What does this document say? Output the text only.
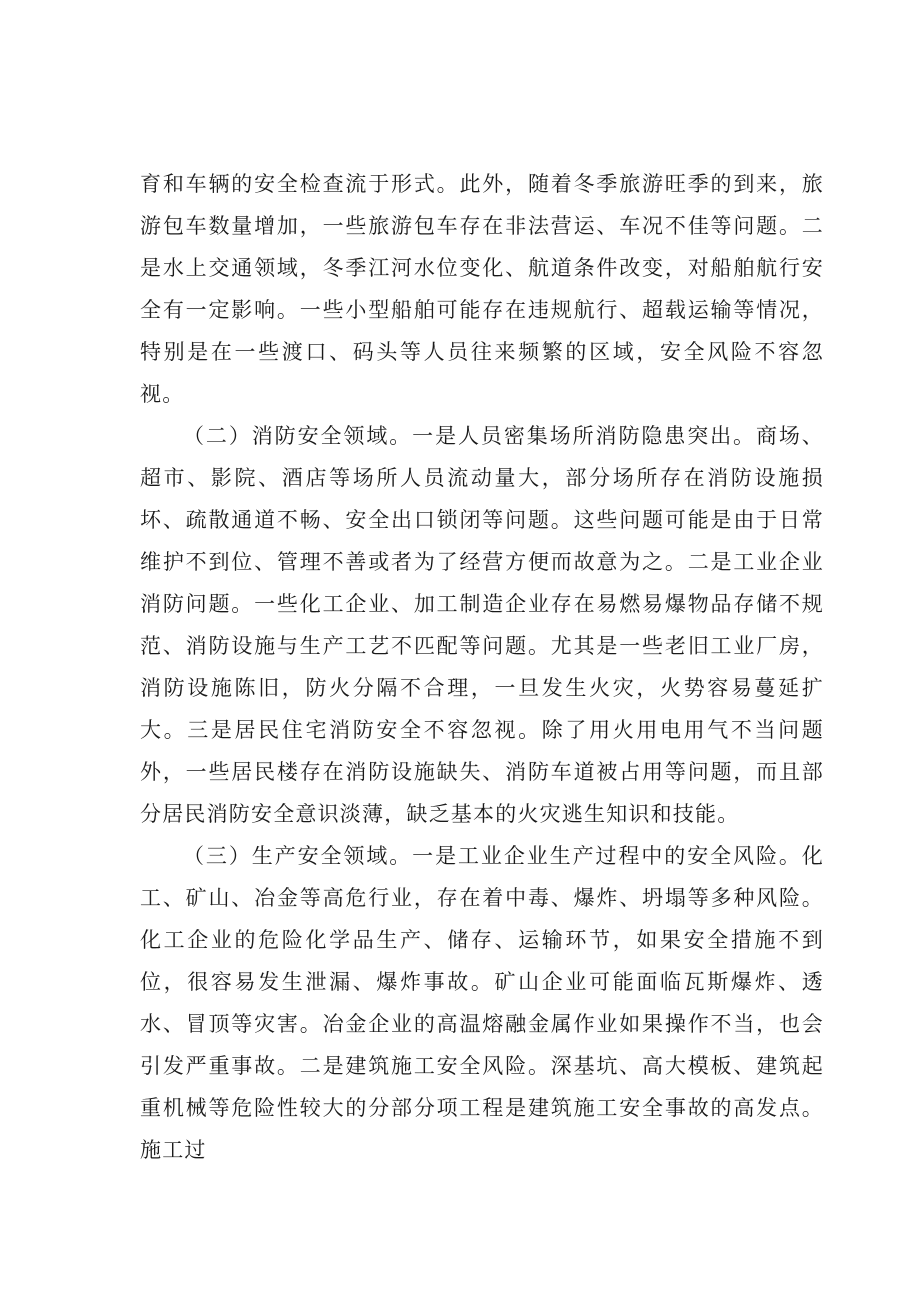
育和车辆的安全检查流于形式。此外，随着冬季旅游旺季的到来，旅游包车数量增加，一些旅游包车存在非法营运、车况不佳等问题。二是水上交通领域，冬季江河水位变化、航道条件改变，对船舶航行安全有一定影响。一些小型船舶可能存在违规航行、超载运输等情况，特别是在一些渡口、码头等人员往来频繁的区域，安全风险不容忽视。

（二）消防安全领域。一是人员密集场所消防隐患突出。商场、超市、影院、酒店等场所人员流动量大，部分场所存在消防设施损坏、疏散通道不畅、安全出口锁闭等问题。这些问题可能是由于日常维护不到位、管理不善或者为了经营方便而故意为之。二是工业企业消防问题。一些化工企业、加工制造企业存在易燃易爆物品存储不规范、消防设施与生产工艺不匹配等问题。尤其是一些老旧工业厂房，消防设施陈旧，防火分隔不合理，一旦发生火灾，火势容易蔓延扩大。三是居民住宅消防安全不容忽视。除了用火用电用气不当问题外，一些居民楼存在消防设施缺失、消防车道被占用等问题，而且部分居民消防安全意识淡薄，缺乏基本的火灾逃生知识和技能。

（三）生产安全领域。一是工业企业生产过程中的安全风险。化工、矿山、冶金等高危行业，存在着中毒、爆炸、坍塌等多种风险。化工企业的危险化学品生产、储存、运输环节，如果安全措施不到位，很容易发生泄漏、爆炸事故。矿山企业可能面临瓦斯爆炸、透水、冒顶等灾害。冶金企业的高温熔融金属作业如果操作不当，也会引发严重事故。二是建筑施工安全风险。深基坑、高大模板、建筑起重机械等危险性较大的分部分项工程是建筑施工安全事故的高发点。施工过
